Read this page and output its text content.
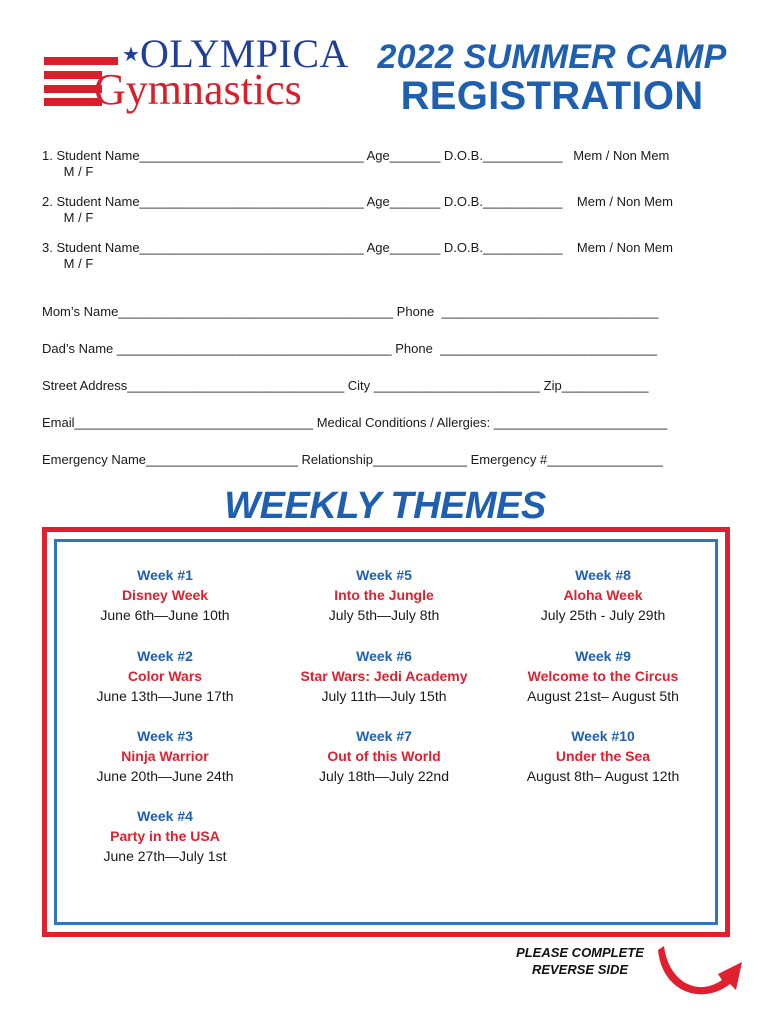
★ OLYMPICA
Gymnastics
2022 SUMMER CAMP
REGISTRATION
1. Student Name_______________________________ Age_______ D.O.B.___________   Mem / Non Mem
M / F
2. Student Name_______________________________ Age_______ D.O.B.___________    Mem / Non Mem
M / F
3. Student Name_______________________________ Age_______ D.O.B.___________    Mem / Non Mem
M / F
Mom’s Name______________________________________ Phone  ______________________________
Dad’s Name ______________________________________ Phone  ______________________________
Street Address______________________________ City _______________________ Zip____________
Email_________________________________ Medical Conditions / Allergies: ________________________
Emergency Name_____________________ Relationship_____________ Emergency #________________
WEEKLY THEMES
Week #1
Disney Week
June 6th—June 10th
Week #2
Color Wars
June 13th—June 17th
Week #3
Ninja Warrior
June 20th—June 24th
Week #4
Party in the USA
June 27th—July 1st
Week #5
Into the Jungle
July 5th—July 8th
Week #6
Star Wars: Jedi Academy
July 11th—July 15th
Week #7
Out of this World
July 18th—July 22nd
Week #8
Aloha Week
July 25th - July 29th
Week #9
Welcome to the Circus
August 21st– August 5th
Week #10
Under the Sea
August 8th– August 12th
PLEASE COMPLETE
REVERSE SIDE
